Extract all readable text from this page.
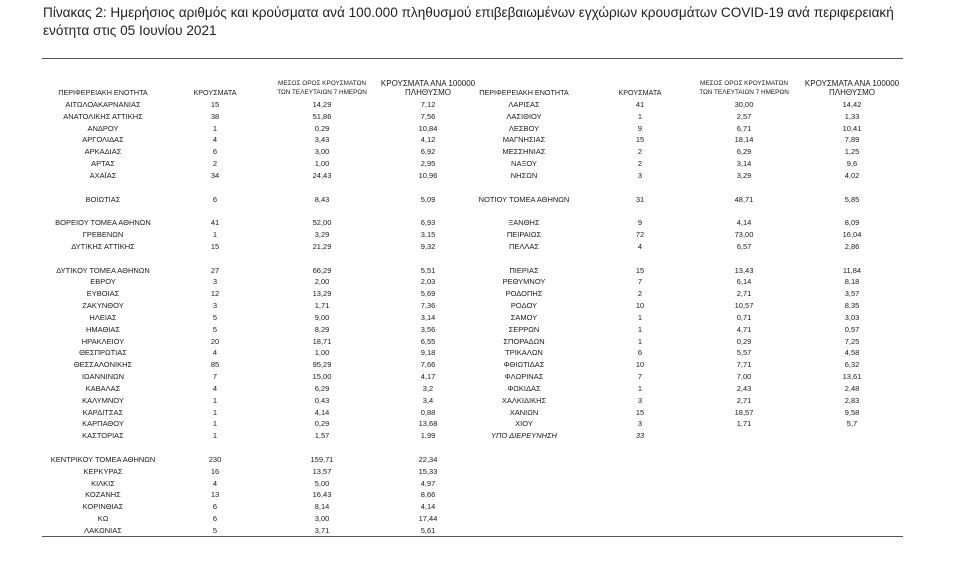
Πίνακας 2: Ημερήσιος αριθμός και κρούσματα ανά 100.000 πληθυσμού επιβεβαιωμένων εγχώριων κρουσμάτων COVID-19 ανά περιφερειακή
ενότητα στις 05 Ιουνίου 2021
ΠΕΡΙΦΕΡΕΙΑΚΗ ΕΝΟΤΗΤΑ	ΚΡΟΥΣΜΑΤΑ
ΜΕΣΟΣ ΟΡΟΣ ΚΡΟΥΣΜΑΤΩΝ
ΤΩΝ ΤΕΛΕΥΤΑΙΩΝ 7 ΗΜΕΡΩΝ
ΚΡΟΥΣΜΑΤΑ ΑΝΑ 100000
ΠΛΗΘΥΣΜΟ	ΠΕΡΙΦΕΡΕΙΑΚΗ ΕΝΟΤΗΤΑ	ΚΡΟΥΣΜΑΤΑ
ΜΕΣΟΣ ΟΡΟΣ ΚΡΟΥΣΜΑΤΩΝ
ΤΩΝ ΤΕΛΕΥΤΑΙΩΝ 7 ΗΜΕΡΩΝ
ΚΡΟΥΣΜΑΤΑ ΑΝΑ 100000
ΠΛΗΘΥΣΜΟ
ΑΙΤΩΛΟΑΚΑΡΝΑΝΙΑΣ	15	14,29	7,12
ΑΝΑΤΟΛΙΚΗΣ ΑΤΤΙΚΗΣ	38	51,86	7,56
ΑΝΔΡΟΥ	1	0,29	10,84
ΑΡΓΟΛΙΔΑΣ	4	3,43	4,12
ΑΡΚΑΔΙΑΣ	6	3,00	6,92
ΑΡΤΑΣ	2	1,00	2,95
ΑΧΑΪΑΣ	34	24,43	10,96
ΒΟΙΩΤΙΑΣ	6	8,43	5,09
ΒΟΡΕΙΟΥ ΤΟΜΕΑ ΑΘΗΝΩΝ	41	52,00	6,93
ΓΡΕΒΕΝΩΝ	1	3,29	3,15
ΔΥΤΙΚΗΣ ΑΤΤΙΚΗΣ	15	21,29	9,32
ΔΥΤΙΚΟΥ ΤΟΜΕΑ ΑΘΗΝΩΝ	27	66,29	5,51
ΕΒΡΟΥ	3	2,00	2,03
ΕΥΒΟΙΑΣ	12	13,29	5,69
ΖΑΚΥΝΘΟΥ	3	1,71	7,36
ΗΛΕΙΑΣ	5	9,00	3,14
ΗΜΑΘΙΑΣ	5	8,29	3,56
ΗΡΑΚΛΕΙΟΥ	20	18,71	6,55
ΘΕΣΠΡΩΤΙΑΣ	4	1,00	9,18
ΘΕΣΣΑΛΟΝΙΚΗΣ	85	95,29	7,66
ΙΩΑΝΝΙΝΩΝ	7	15,00	4,17
ΚΑΒΑΛΑΣ	4	6,29	3,2
ΚΑΛΥΜΝΟΥ	1	0,43	3,4
ΚΑΡΔΙΤΣΑΣ	1	4,14	0,88
ΚΑΡΠΑΘΟΥ	1	0,29	13,68
ΚΑΣΤΟΡΙΑΣ	1	1,57	1,99
ΚΕΝΤΡΙΚΟΥ ΤΟΜΕΑ ΑΘΗΝΩΝ	230	159,71	22,34
ΚΕΡΚΥΡΑΣ	16	13,57	15,33
ΚΙΛΚΙΣ	4	5,00	4,97
ΚΟΖΑΝΗΣ	13	16,43	8,66
ΚΟΡΙΝΘΙΑΣ	6	8,14	4,14
ΚΩ	6	3,00	17,44
ΛΑΚΩΝΙΑΣ	5	3,71	5,61
ΛΑΡΙΣΑΣ	41	30,00	14,42
ΛΑΣΙΘΙΟΥ	1	2,57	1,33
ΛΕΣΒΟΥ	9	6,71	10,41
ΜΑΓΝΗΣΙΑΣ	15	18,14	7,89
ΜΕΣΣΗΝΙΑΣ	2	6,29	1,25
ΝΑΞΟΥ	2	3,14	9,6
ΝΗΣΩΝ	3	3,29	4,02
ΝΟΤΙΟΥ ΤΟΜΕΑ ΑΘΗΝΩΝ	31	48,71	5,85
ΞΑΝΘΗΣ	9	4,14	8,09
ΠΕΙΡΑΙΩΣ	72	73,00	16,04
ΠΕΛΛΑΣ	4	6,57	2,86
ΠΙΕΡΙΑΣ	15	13,43	11,84
ΡΕΘΥΜΝΟΥ	7	6,14	8,18
ΡΟΔΟΠΗΣ	2	2,71	3,57
ΡΟΔΟΥ	10	10,57	8,35
ΣΑΜΟΥ	1	0,71	3,03
ΣΕΡΡΩΝ	1	4,71	0,57
ΣΠΟΡΑΔΩΝ	1	0,29	7,25
ΤΡΙΚΑΛΩΝ	6	5,57	4,58
ΦΘΙΩΤΙΔΑΣ	10	7,71	6,32
ΦΛΩΡΙΝΑΣ	7	7,00	13,61
ΦΩΚΙΔΑΣ	1	2,43	2,48
ΧΑΛΚΙΔΙΚΗΣ	3	2,71	2,83
ΧΑΝΙΩΝ	15	18,57	9,58
ΧΙΟΥ	3	1,71	5,7
ΥΠΟ ΔΙΕΡΕΥΝΗΣΗ	33
